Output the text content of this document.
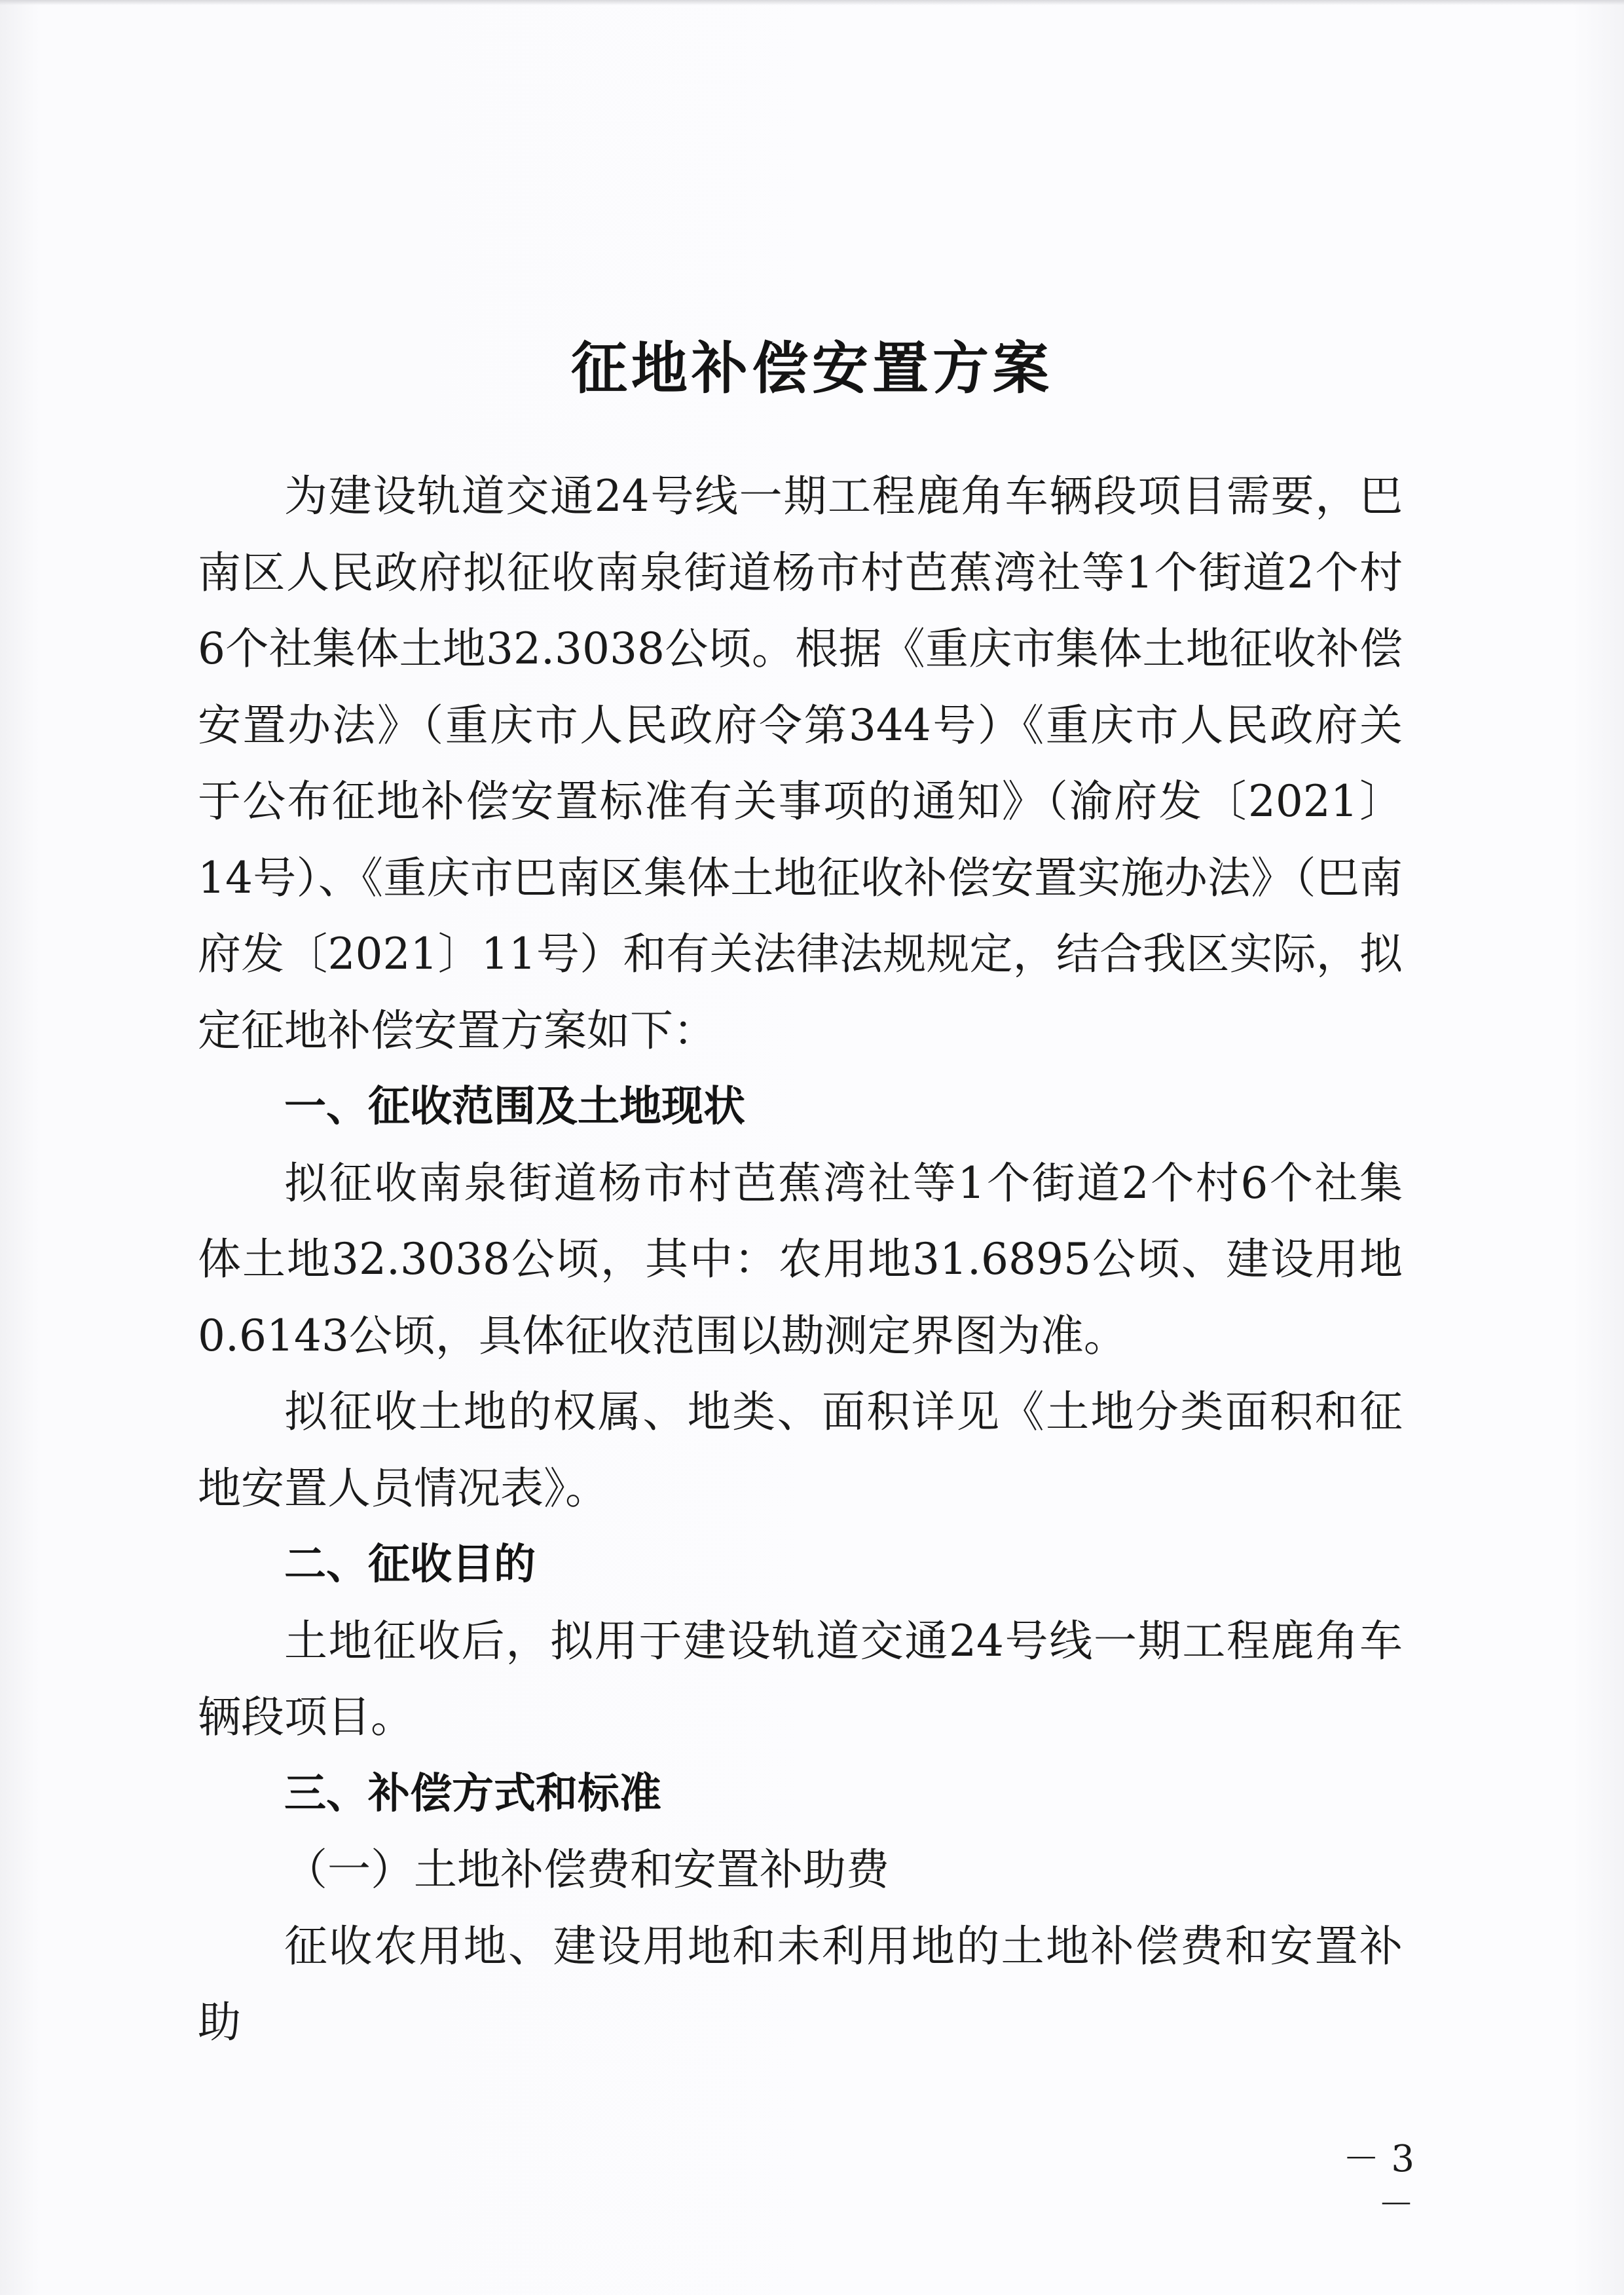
征地补偿安置方案

为建设轨道交通24号线一期工程鹿角车辆段项目需要，巴南区人民政府拟征收南泉街道杨市村芭蕉湾社等1个街道2个村6个社集体土地32.3038公顷。根据《重庆市集体土地征收补偿安置办法》（重庆市人民政府令第344号）《重庆市人民政府关于公布征地补偿安置标准有关事项的通知》（渝府发〔2021〕14号）、《重庆市巴南区集体土地征收补偿安置实施办法》（巴南府发〔2021〕11号）和有关法律法规规定，结合我区实际，拟定征地补偿安置方案如下：

一、征收范围及土地现状

拟征收南泉街道杨市村芭蕉湾社等1个街道2个村6个社集体土地32.3038公顷，其中：农用地31.6895公顷、建设用地0.6143公顷，具体征收范围以勘测定界图为准。

拟征收土地的权属、地类、面积详见《土地分类面积和征地安置人员情况表》。

二、征收目的

土地征收后，拟用于建设轨道交通24号线一期工程鹿角车辆段项目。

三、补偿方式和标准
（一）土地补偿费和安置补助费

征收农用地、建设用地和未利用地的土地补偿费和安置补助

－ 3 －
